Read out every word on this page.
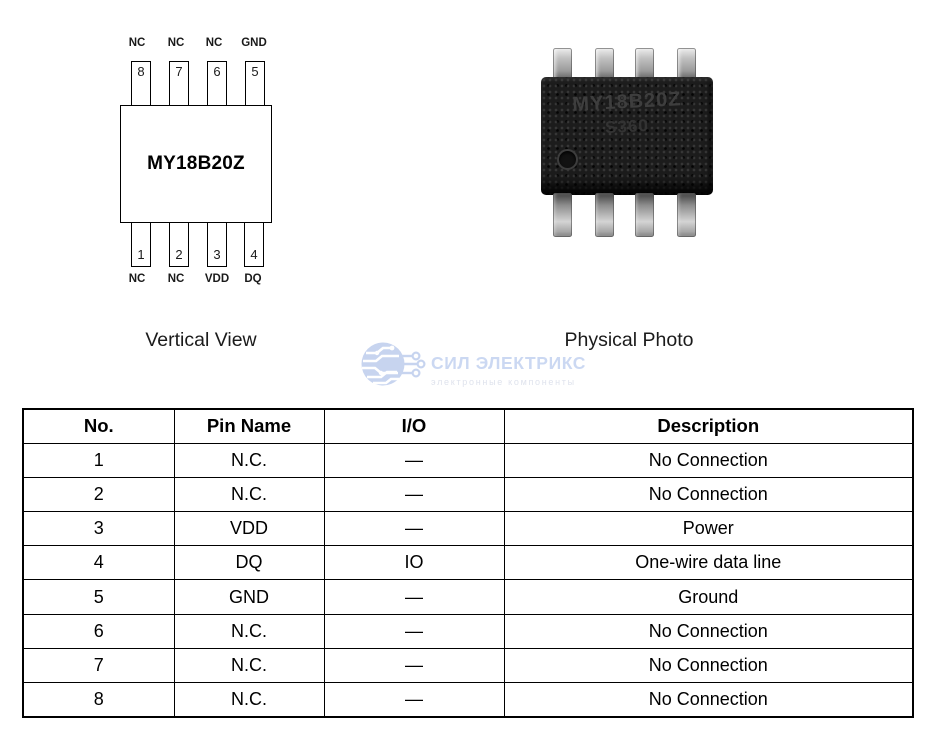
NC NC NC GND
8 7 6 5
MY18B20Z
1 2 3 4
NC NC VDD DQ
MY18B20Z
S360
Vertical View	Physical Photo
СИЛ ЭЛЕКТРИКС
электронные компоненты
No.	Pin Name	I/O	Description
1	N.C.	—	No Connection
2	N.C.	—	No Connection
3	VDD	—	Power
4	DQ	IO	One-wire data line
5	GND	—	Ground
6	N.C.	—	No Connection
7	N.C.	—	No Connection
8	N.C.	—	No Connection
